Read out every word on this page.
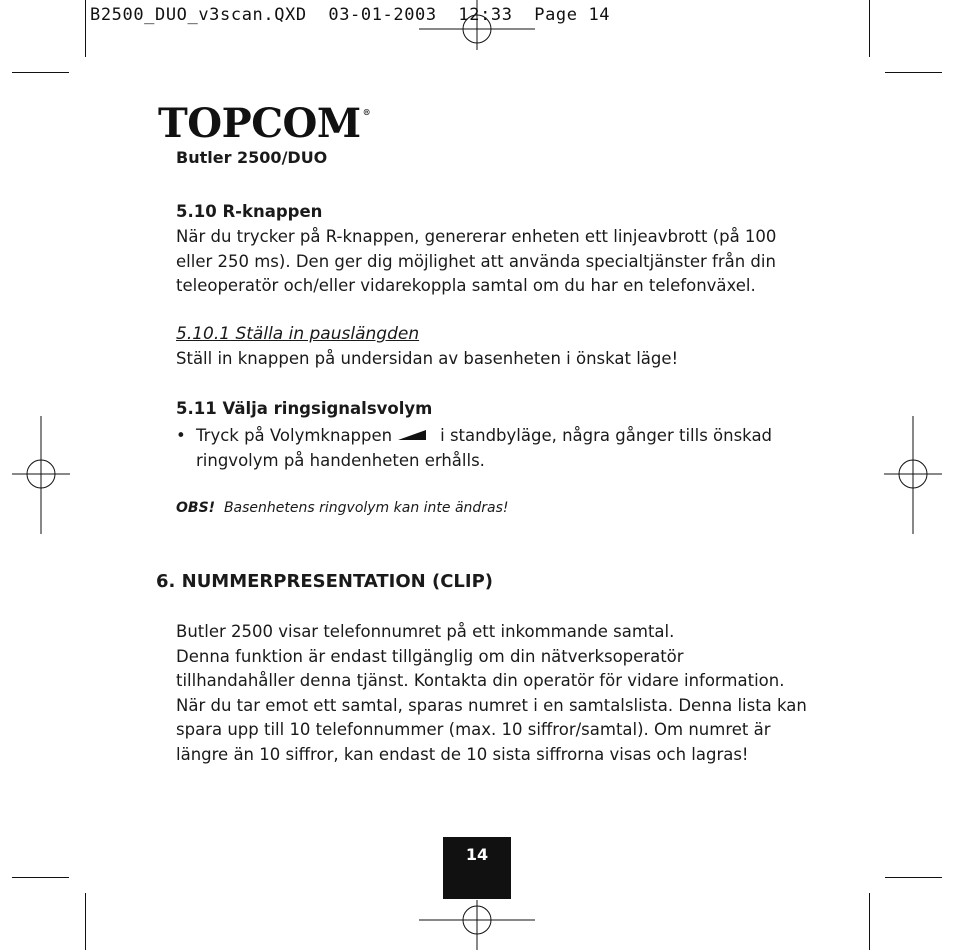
B2500_DUO_v3scan.QXD 03-01-2003 12:33 Page 14
TOPCOM ®
Butler 2500/DUO
5.10 R-knappen
När du trycker på R-knappen, genererar enheten ett linjeavbrott (på 100
eller 250 ms). Den ger dig möjlighet att använda specialtjänster från din
teleoperatör och/eller vidarekoppla samtal om du har en telefonväxel.
5.10.1 Ställa in pauslängden
Ställ in knappen på undersidan av basenheten i önskat läge!
5.11 Välja ringsignalsvolym
• Tryck på Volymknappen	i standbyläge, några gånger tills önskad
ringvolym på handenheten erhålls.
OBS! Basenhetens ringvolym kan inte ändras!
6. NUMMERPRESENTATION (CLIP)
Butler 2500 visar telefonnumret på ett inkommande samtal.
Denna funktion är endast tillgänglig om din nätverksoperatör
tillhandahåller denna tjänst. Kontakta din operatör för vidare information.
När du tar emot ett samtal, sparas numret i en samtalslista. Denna lista kan
spara upp till 10 telefonnummer (max. 10 siffror/samtal). Om numret är
längre än 10 siffror, kan endast de 10 sista siffrorna visas och lagras!
14
